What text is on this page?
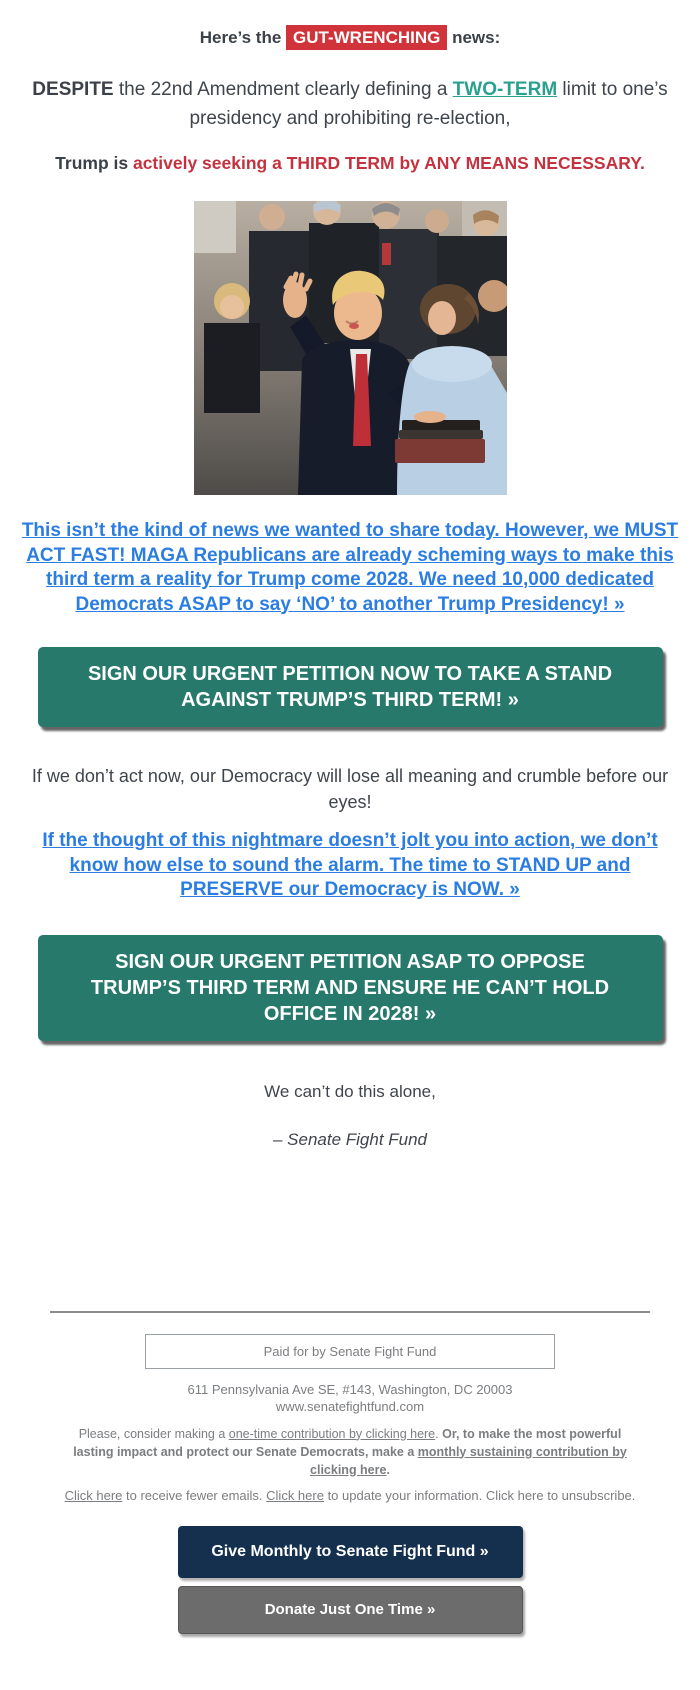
Here’s the GUT-WRENCHING news:
DESPITE the 22nd Amendment clearly defining a TWO-TERM limit to one’s presidency and prohibiting re-election,
Trump is actively seeking a THIRD TERM by ANY MEANS NECESSARY.
This isn’t the kind of news we wanted to share today. However, we MUST ACT FAST! MAGA Republicans are already scheming ways to make this third term a reality for Trump come 2028. We need 10,000 dedicated Democrats ASAP to say ‘NO’ to another Trump Presidency! »
SIGN OUR URGENT PETITION NOW TO TAKE A STAND AGAINST TRUMP’S THIRD TERM! »
If we don’t act now, our Democracy will lose all meaning and crumble before our eyes!
If the thought of this nightmare doesn’t jolt you into action, we don’t know how else to sound the alarm. The time to STAND UP and PRESERVE our Democracy is NOW. »
SIGN OUR URGENT PETITION ASAP TO OPPOSE TRUMP’S THIRD TERM AND ENSURE HE CAN’T HOLD OFFICE IN 2028! »
We can’t do this alone,
– Senate Fight Fund
Paid for by Senate Fight Fund
611 Pennsylvania Ave SE, #143, Washington, DC 20003
www.senatefightfund.com
Please, consider making a one-time contribution by clicking here. Or, to make the most powerful lasting impact and protect our Senate Democrats, make a monthly sustaining contribution by clicking here.
Click here to receive fewer emails. Click here to update your information. Click here to unsubscribe.
Give Monthly to Senate Fight Fund »
Donate Just One Time »
